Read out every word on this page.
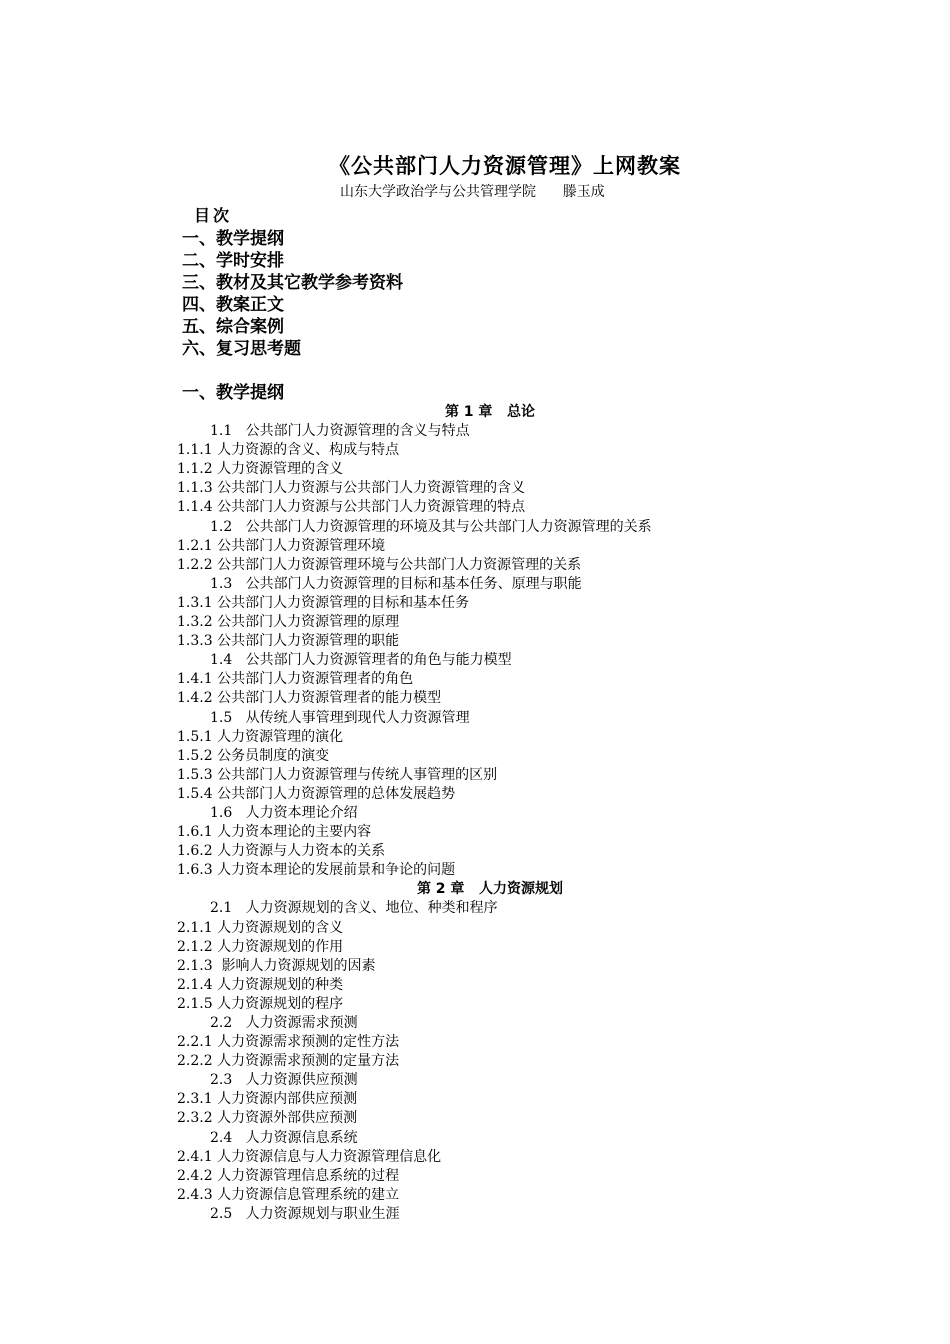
《公共部门人力资源管理》上网教案
山东大学政治学与公共管理学院      滕玉成
目次
一、教学提纲
二、学时安排
三、教材及其它教学参考资料
四、教案正文
五、综合案例
六、复习思考题
一、教学提纲
第 1 章   总论
1.1   公共部门人力资源管理的含义与特点
1.1.1 人力资源的含义、构成与特点
1.1.2 人力资源管理的含义
1.1.3 公共部门人力资源与公共部门人力资源管理的含义
1.1.4 公共部门人力资源与公共部门人力资源管理的特点
1.2   公共部门人力资源管理的环境及其与公共部门人力资源管理的关系
1.2.1 公共部门人力资源管理环境
1.2.2 公共部门人力资源管理环境与公共部门人力资源管理的关系
1.3   公共部门人力资源管理的目标和基本任务、原理与职能
1.3.1 公共部门人力资源管理的目标和基本任务
1.3.2 公共部门人力资源管理的原理
1.3.3 公共部门人力资源管理的职能
1.4   公共部门人力资源管理者的角色与能力模型
1.4.1 公共部门人力资源管理者的角色
1.4.2 公共部门人力资源管理者的能力模型
1.5   从传统人事管理到现代人力资源管理
1.5.1 人力资源管理的演化
1.5.2 公务员制度的演变
1.5.3 公共部门人力资源管理与传统人事管理的区别
1.5.4 公共部门人力资源管理的总体发展趋势
1.6   人力资本理论介绍
1.6.1 人力资本理论的主要内容
1.6.2 人力资源与人力资本的关系
1.6.3 人力资本理论的发展前景和争论的问题
第 2 章   人力资源规划
2.1   人力资源规划的含义、地位、种类和程序
2.1.1 人力资源规划的含义
2.1.2 人力资源规划的作用
2.1.3  影响人力资源规划的因素
2.1.4 人力资源规划的种类
2.1.5 人力资源规划的程序
2.2   人力资源需求预测
2.2.1 人力资源需求预测的定性方法
2.2.2 人力资源需求预测的定量方法
2.3   人力资源供应预测
2.3.1 人力资源内部供应预测
2.3.2 人力资源外部供应预测
2.4   人力资源信息系统
2.4.1 人力资源信息与人力资源管理信息化
2.4.2 人力资源管理信息系统的过程
2.4.3 人力资源信息管理系统的建立
2.5   人力资源规划与职业生涯
